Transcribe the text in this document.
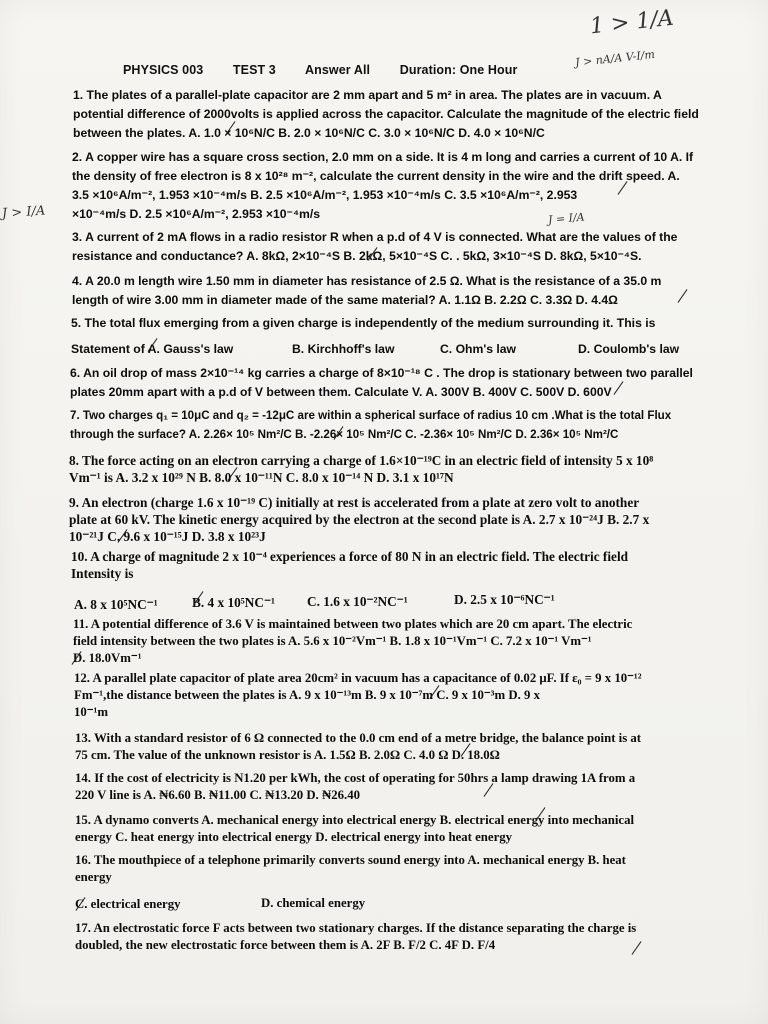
1 > 1/A
J > nA/A V-I/m
J > I/A	J = I/A
PHYSICS 003 TEST 3 Answer All Duration: One Hour
1. The plates of a parallel-plate capacitor are 2 mm apart and 5 m² in area. The plates are in vacuum. A
potential difference of 2000volts is applied across the capacitor. Calculate the magnitude of the electric field
between the plates. A. 1.0 × 10⁶N/C B. 2.0 × 10⁶N/C C. 3.0 × 10⁶N/C D. 4.0 × 10⁶N/C
2. A copper wire has a square cross section, 2.0 mm on a side. It is 4 m long and carries a current of 10 A. If
the density of free electron is 8 x 10²⁸ m⁻², calculate the current density in the wire and the drift speed. A.
3.5 ×10⁶A/m⁻², 1.953 ×10⁻⁴m/s B. 2.5 ×10⁶A/m⁻², 1.953 ×10⁻⁴m/s C. 3.5 ×10⁶A/m⁻², 2.953
×10⁻⁴m/s D. 2.5 ×10⁶A/m⁻², 2.953 ×10⁻⁴m/s
3. A current of 2 mA flows in a radio resistor R when a p.d of 4 V is connected. What are the values of the
resistance and conductance? A. 8kΩ, 2×10⁻⁴S B. 2kΩ, 5×10⁻⁴S C. . 5kΩ, 3×10⁻⁴S D. 8kΩ, 5×10⁻⁴S.
4. A 20.0 m length wire 1.50 mm in diameter has resistance of 2.5 Ω. What is the resistance of a 35.0 m
length of wire 3.00 mm in diameter made of the same material? A. 1.1Ω B. 2.2Ω C. 3.3Ω D. 4.4Ω
5. The total flux emerging from a given charge is independently of the medium surrounding it. This is
Statement of A. Gauss's law	B. Kirchhoff's law	C. Ohm's law	D. Coulomb's law
6. An oil drop of mass 2×10⁻¹⁴ kg carries a charge of 8×10⁻¹⁸ C . The drop is stationary between two parallel
plates 20mm apart with a p.d of V between them. Calculate V. A. 300V B. 400V C. 500V D. 600V
7. Two charges q₁ = 10μC and q₂ = -12μC are within a spherical surface of radius 10 cm .What is the total Flux
through the surface? A. 2.26× 10⁵ Nm²/C B. -2.26× 10⁵ Nm²/C C. -2.36× 10⁵ Nm²/C D. 2.36× 10⁵ Nm²/C
8. The force acting on an electron carrying a charge of 1.6×10⁻¹⁹C in an electric field of intensity 5 x 10⁸
Vm⁻¹ is A. 3.2 x 10²⁹ N B. 8.0 x 10⁻¹¹N C. 8.0 x 10⁻¹⁴ N D. 3.1 x 10¹⁷N
9. An electron (charge 1.6 x 10⁻¹⁹ C) initially at rest is accelerated from a plate at zero volt to another
plate at 60 kV. The kinetic energy acquired by the electron at the second plate is A. 2.7 x 10⁻²⁴J B. 2.7 x
10⁻²¹J C. 9.6 x 10⁻¹⁵J D. 3.8 x 10²³J
10. A charge of magnitude 2 x 10⁻⁴ experiences a force of 80 N in an electric field. The electric field
Intensity is
A. 8 x 10⁵NC⁻¹	B. 4 x 10⁵NC⁻¹ C. 1.6 x 10⁻²NC⁻¹	D. 2.5 x 10⁻⁶NC⁻¹
11. A potential difference of 3.6 V is maintained between two plates which are 20 cm apart. The electric
field intensity between the two plates is A. 5.6 x 10⁻²Vm⁻¹ B. 1.8 x 10⁻¹Vm⁻¹ C. 7.2 x 10⁻¹ Vm⁻¹
D. 18.0Vm⁻¹
12. A parallel plate capacitor of plate area 20cm² in vacuum has a capacitance of 0.02 μF. If ε₀ = 9 x 10⁻¹²
Fm⁻¹,the distance between the plates is A. 9 x 10⁻¹³m B. 9 x 10⁻⁷m C. 9 x 10⁻³m D. 9 x
10⁻¹m
13. With a standard resistor of 6 Ω connected to the 0.0 cm end of a metre bridge, the balance point is at
75 cm. The value of the unknown resistor is A. 1.5Ω B. 2.0Ω C. 4.0 Ω D. 18.0Ω
14. If the cost of electricity is N1.20 per kWh, the cost of operating for 50hrs a lamp drawing 1A from a
220 V line is A. ₦6.60 B. ₦11.00 C. ₦13.20 D. ₦26.40
15. A dynamo converts A. mechanical energy into electrical energy B. electrical energy into mechanical
energy C. heat energy into electrical energy D. electrical energy into heat energy
16. The mouthpiece of a telephone primarily converts sound energy into A. mechanical energy B. heat
energy
C. electrical energy	D. chemical energy
17. An electrostatic force F acts between two stationary charges. If the distance separating the charge is
doubled, the new electrostatic force between them is A. 2F B. F/2 C. 4F D. F/4
